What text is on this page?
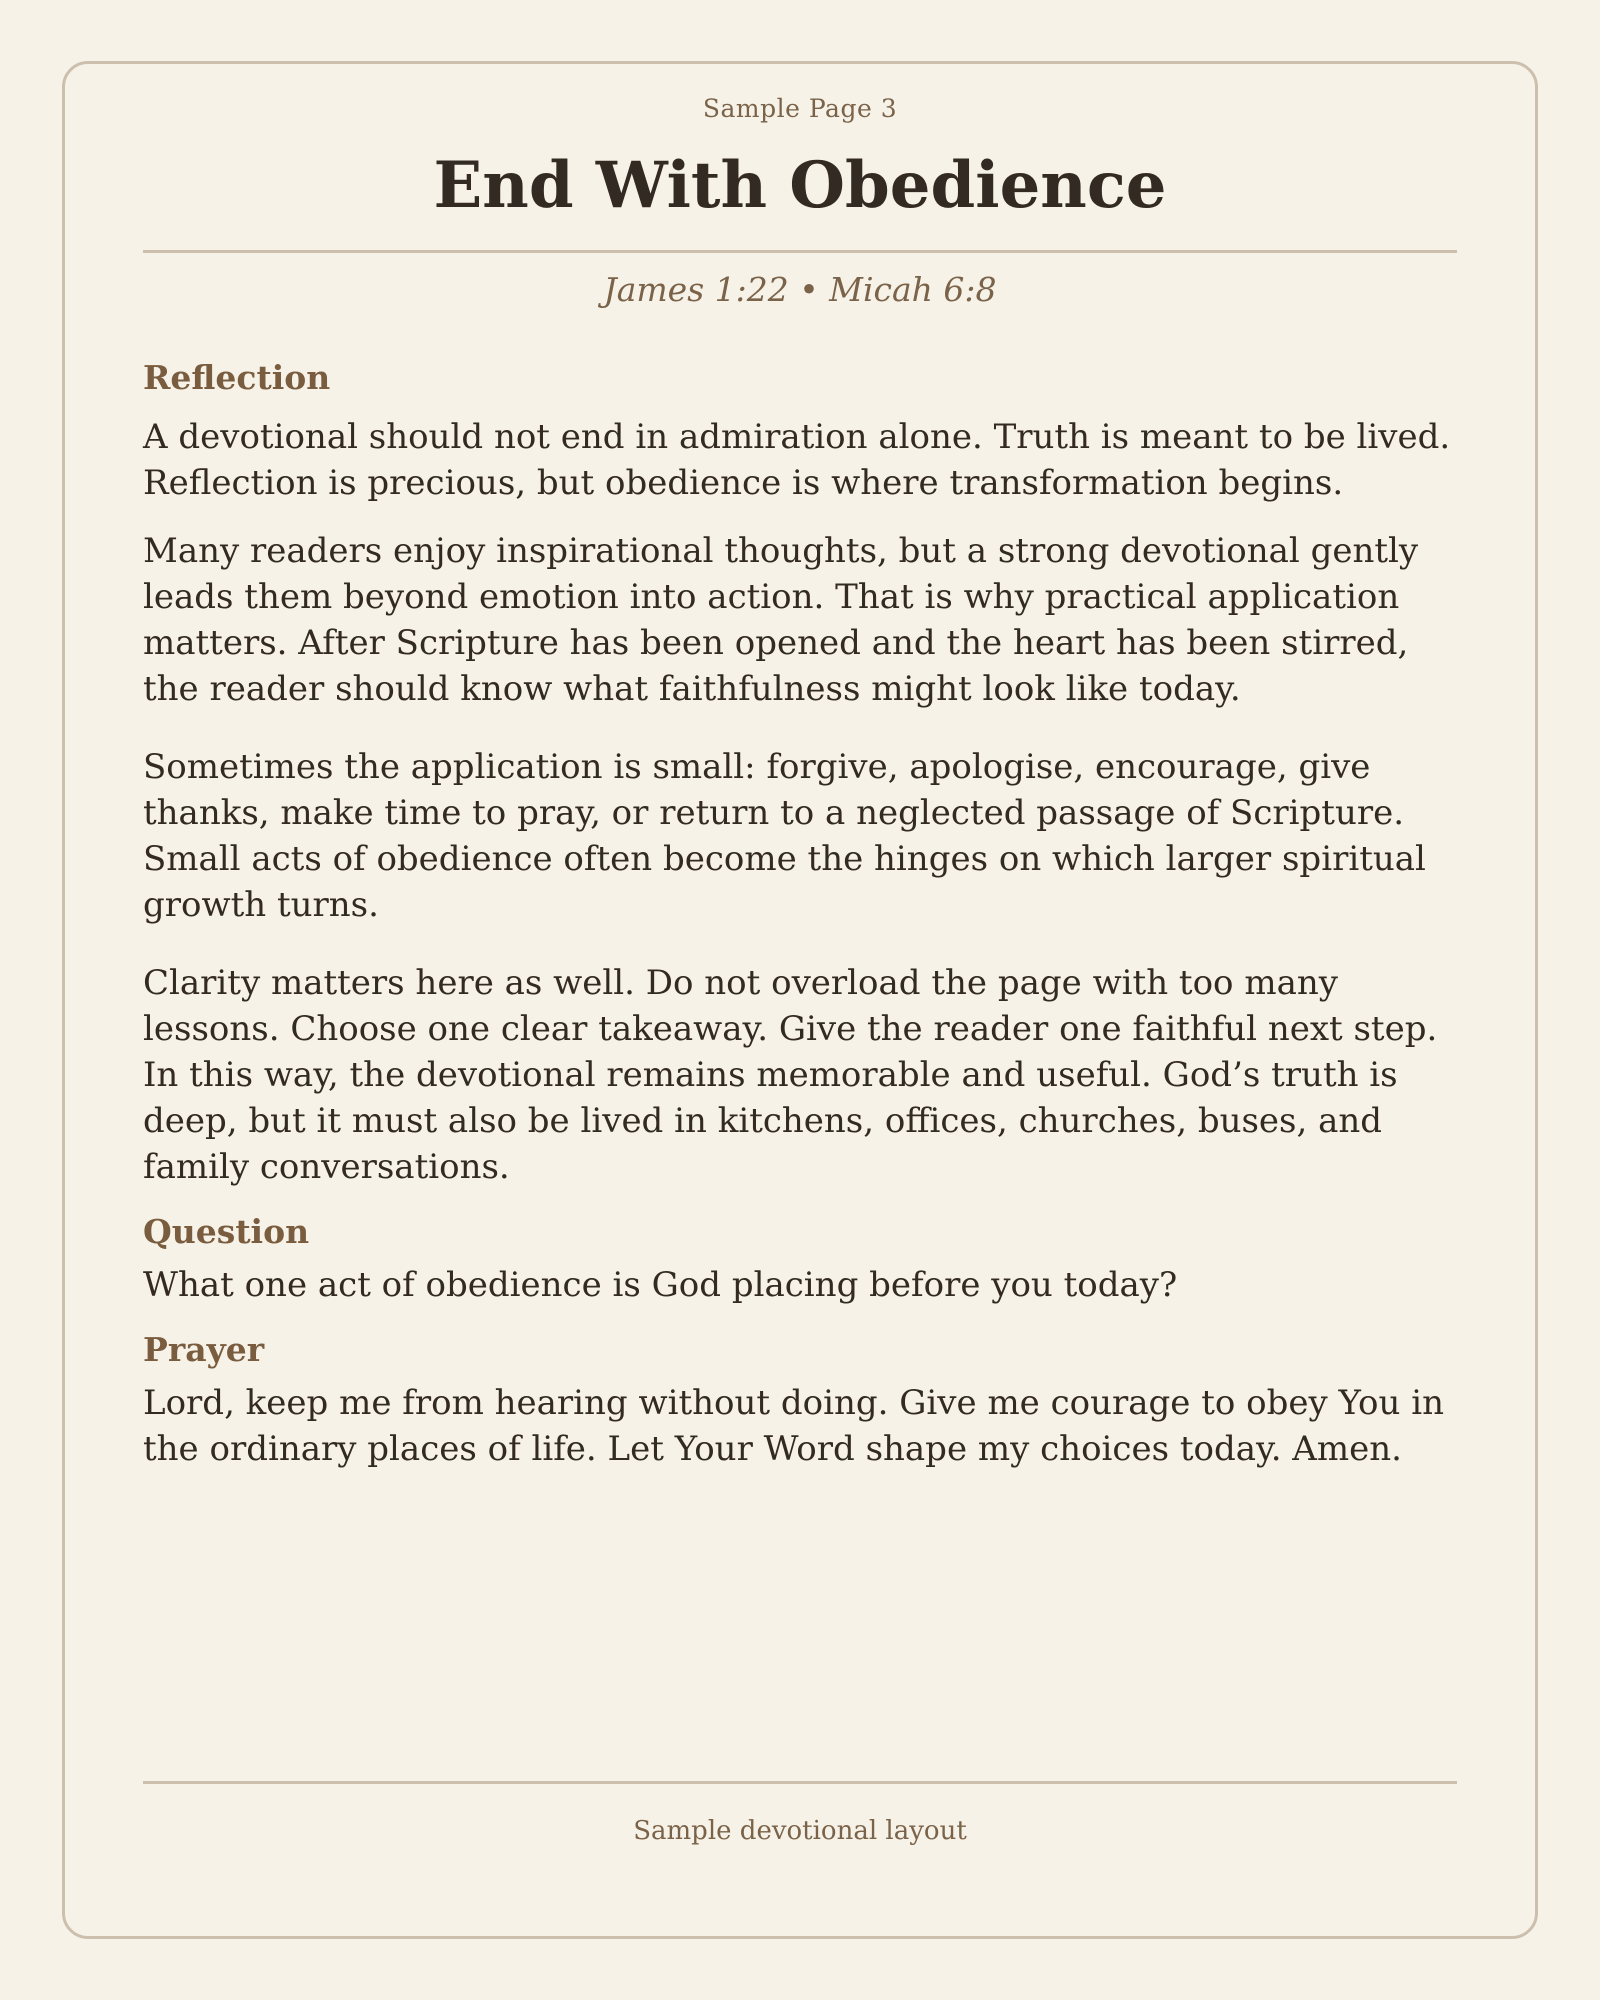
Sample Page 3
End With Obedience
James 1:22 • Micah 6:8
Reflection

A devotional should not end in admiration alone. Truth is meant to be lived. Reflection is precious, but obedience is where transformation begins.

Many readers enjoy inspirational thoughts, but a strong devotional gently leads them beyond emotion into action. That is why practical application matters. After Scripture has been opened and the heart has been stirred, the reader should know what faithfulness might look like today.

Sometimes the application is small: forgive, apologise, encourage, give thanks, make time to pray, or return to a neglected passage of Scripture. Small acts of obedience often become the hinges on which larger spiritual growth turns.

Clarity matters here as well. Do not overload the page with too many lessons. Choose one clear takeaway. Give the reader one faithful next step. In this way, the devotional remains memorable and useful. God’s truth is deep, but it must also be lived in kitchens, offices, churches, buses, and family conversations.

Question

What one act of obedience is God placing before you today?

Prayer

Lord, keep me from hearing without doing. Give me courage to obey You in the ordinary places of life. Let Your Word shape my choices today. Amen.

Sample devotional layout
